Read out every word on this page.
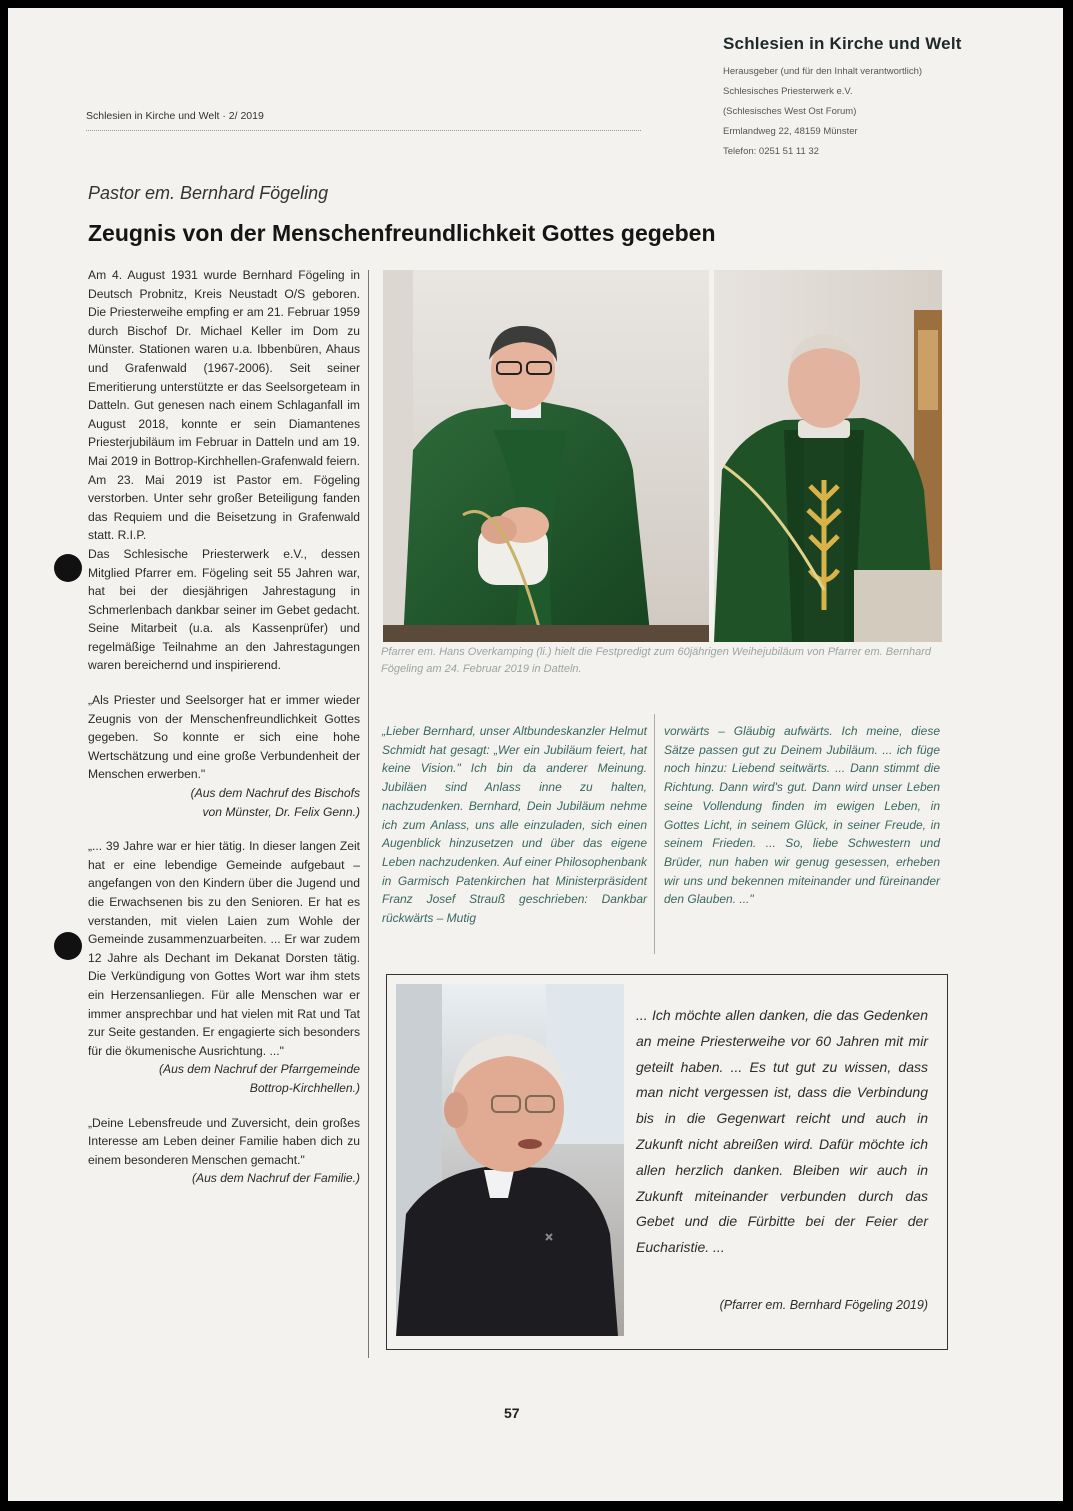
Schlesien in Kirche und Welt
Herausgeber (und für den Inhalt verantwortlich)
Schlesisches Priesterwerk e.V.
(Schlesisches West Ost Forum)
Ermlandweg 22, 48159 Münster
Telefon: 0251 51 11 32
Schlesien in Kirche und Welt · 2/ 2019
Pastor em. Bernhard Fögeling
Zeugnis von der Menschenfreundlichkeit Gottes gegeben

Am 4. August 1931 wurde Bernhard Fögeling in Deutsch Probnitz, Kreis Neustadt O/S geboren. Die Priesterweihe empfing er am 21. Februar 1959 durch Bischof Dr. Michael Keller im Dom zu Münster. Stationen waren u.a. Ibbenbüren, Ahaus und Grafenwald (1967-2006). Seit seiner Emeritierung unterstützte er das Seelsorgeteam in Datteln. Gut genesen nach einem Schlaganfall im August 2018, konnte er sein Diamantenes Priesterjubiläum im Februar in Datteln und am 19. Mai 2019 in Bottrop-Kirchhellen-Grafenwald feiern. Am 23. Mai 2019 ist Pastor em. Fögeling verstorben. Unter sehr großer Beteiligung fanden das Requiem und die Beisetzung in Grafenwald statt. R.I.P.

Das Schlesische Priesterwerk e.V., dessen Mitglied Pfarrer em. Fögeling seit 55 Jahren war, hat bei der diesjährigen Jahrestagung in Schmerlenbach dankbar seiner im Gebet gedacht. Seine Mitarbeit (u.a. als Kassenprüfer) und regelmäßige Teilnahme an den Jahrestagungen waren bereichernd und inspirierend.

„Als Priester und Seelsorger hat er immer wieder Zeugnis von der Menschenfreundlichkeit Gottes gegeben. So konnte er sich eine hohe Wertschätzung und eine große Verbundenheit der Menschen erwerben."

(Aus dem Nachruf des Bischofs

von Münster, Dr. Felix Genn.)

„... 39 Jahre war er hier tätig. In dieser langen Zeit hat er eine lebendige Gemeinde aufgebaut – angefangen von den Kindern über die Jugend und die Erwachsenen bis zu den Senioren. Er hat es verstanden, mit vielen Laien zum Wohle der Gemeinde zusammenzuarbeiten. ... Er war zudem 12 Jahre als Dechant im Dekanat Dorsten tätig. Die Verkündigung von Gottes Wort war ihm stets ein Herzensanliegen. Für alle Menschen war er immer ansprechbar und hat vielen mit Rat und Tat zur Seite gestanden. Er engagierte sich besonders für die ökumenische Ausrichtung. ..."

(Aus dem Nachruf der Pfarrgemeinde

Bottrop-Kirchhellen.)

„Deine Lebensfreude und Zuversicht, dein großes Interesse am Leben deiner Familie haben dich zu einem besonderen Menschen gemacht."

(Aus dem Nachruf der Familie.)

Pfarrer em. Hans Overkamping (li.) hielt die Festpredigt zum 60jährigen Weihejubiläum von Pfarrer em. Bernhard Fögeling am 24. Februar 2019 in Datteln.
„Lieber Bernhard, unser Altbundeskanzler Helmut Schmidt hat gesagt: „Wer ein Jubiläum feiert, hat keine Vision." Ich bin da anderer Meinung. Jubiläen sind Anlass inne zu halten, nachzudenken. Bernhard, Dein Jubiläum nehme ich zum Anlass, uns alle einzuladen, sich einen Augenblick hinzusetzen und über das eigene Leben nachzudenken. Auf einer Philosophenbank in Garmisch Patenkirchen hat Ministerpräsident Franz Josef Strauß geschrieben: Dankbar rückwärts – Mutig
vorwärts – Gläubig aufwärts. Ich meine, diese Sätze passen gut zu Deinem Jubiläum. ... ich füge noch hinzu: Liebend seitwärts. ... Dann stimmt die Richtung. Dann wird's gut. Dann wird unser Leben seine Vollendung finden im ewigen Leben, in Gottes Licht, in seinem Glück, in seiner Freude, in seinem Frieden. ... So, liebe Schwestern und Brüder, nun haben wir genug gesessen, erheben wir uns und bekennen miteinander und füreinander den Glauben. ..."
... Ich möchte allen danken, die das Gedenken an meine Priesterweihe vor 60 Jahren mit mir geteilt haben. ... Es tut gut zu wissen, dass man nicht vergessen ist, dass die Verbindung bis in die Gegenwart reicht und auch in Zukunft nicht abreißen wird. Dafür möchte ich allen herzlich danken. Bleiben wir auch in Zukunft miteinander verbunden durch das Gebet und die Fürbitte bei der Feier der Eucharistie. ...
(Pfarrer em. Bernhard Fögeling 2019)
57
